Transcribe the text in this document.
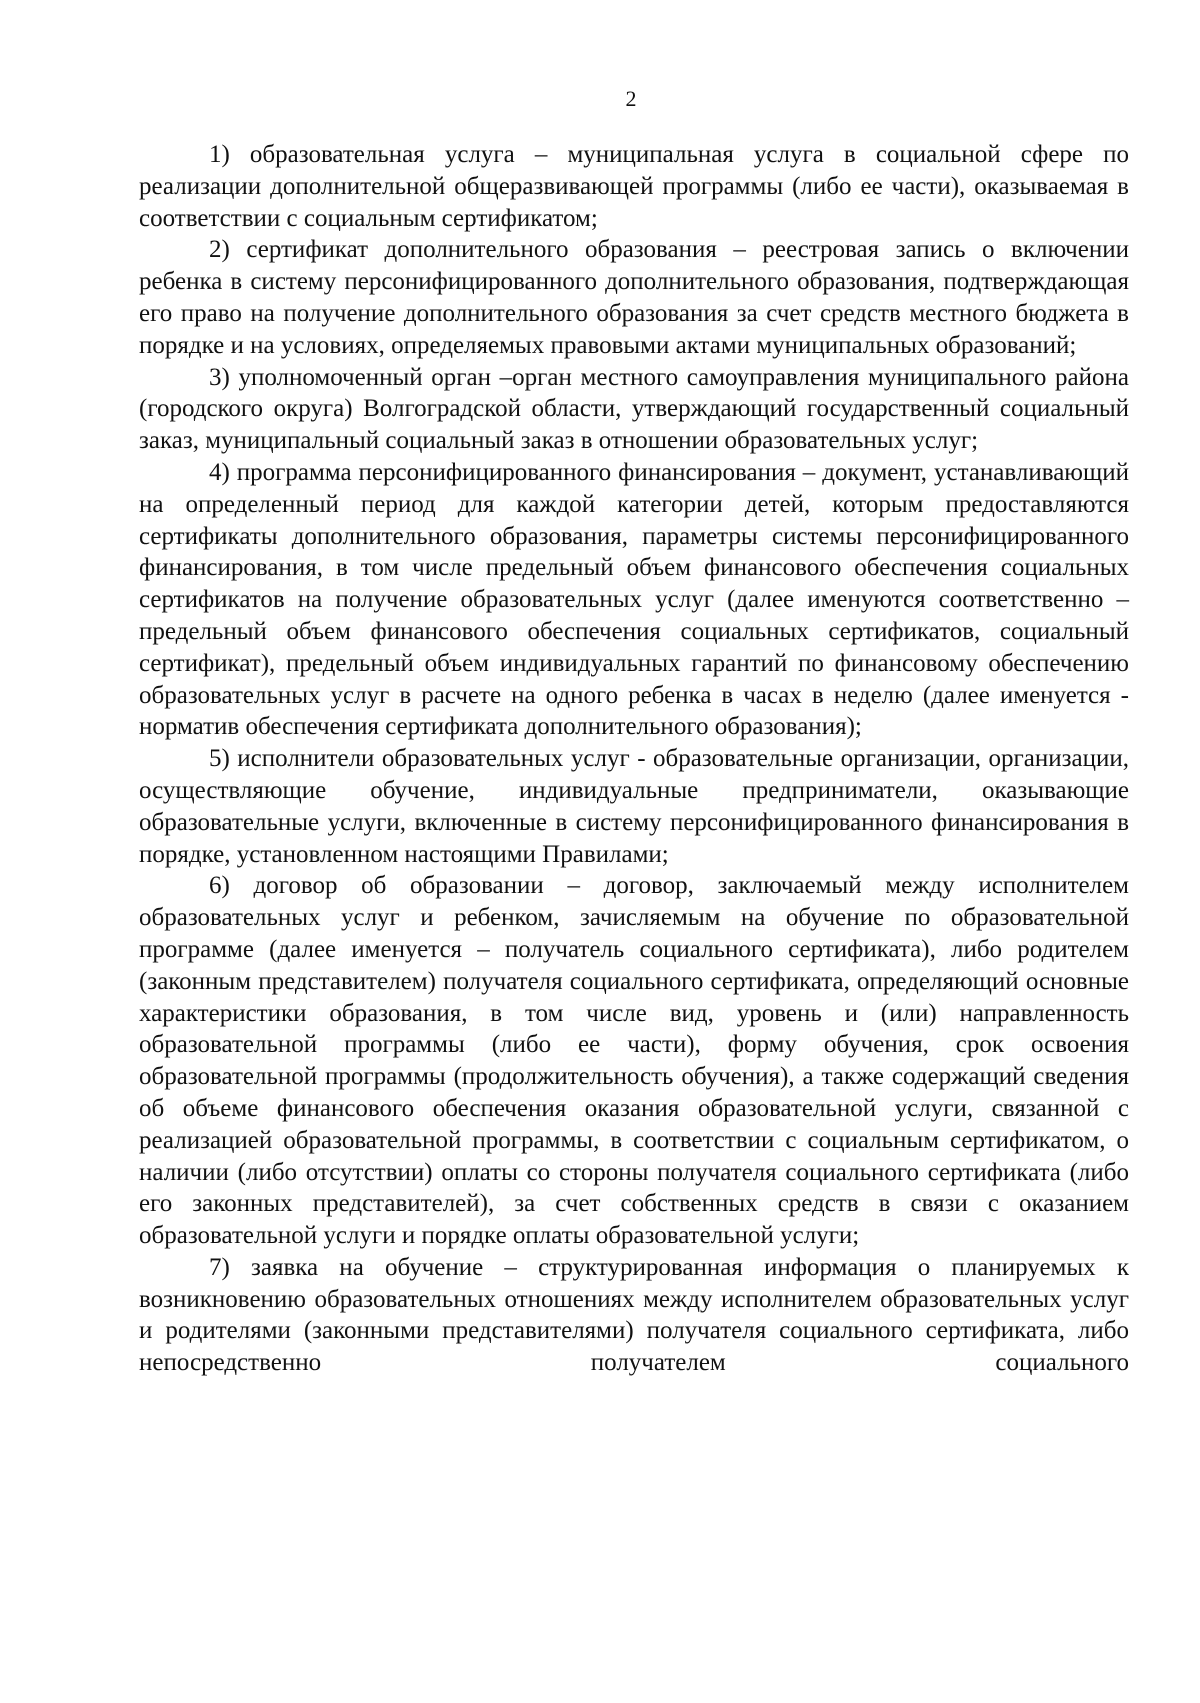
2

1) образовательная услуга – муниципальная услуга в социальной сфере по реализации дополнительной общеразвивающей программы (либо ее части), оказываемая в соответствии с социальным сертификатом;

2) сертификат дополнительного образования – реестровая запись о включении ребенка в систему персонифицированного дополнительного образования, подтверждающая его право на получение дополнительного образования за счет средств местного бюджета в порядке и на условиях, определяемых правовыми актами муниципальных образований;

3) уполномоченный орган –орган местного самоуправления муниципального района (городского округа) Волгоградской области, утверждающий государственный социальный заказ, муниципальный социальный заказ в отношении образовательных услуг;

4) программа персонифицированного финансирования – документ, устанавливающий на определенный период для каждой категории детей, которым предоставляются сертификаты дополнительного образования, параметры системы персонифицированного финансирования, в том числе предельный объем финансового обеспечения социальных сертификатов на получение образовательных услуг (далее именуются соответственно – предельный объем финансового обеспечения социальных сертификатов, социальный сертификат), предельный объем индивидуальных гарантий по финансовому обеспечению образовательных услуг в расчете на одного ребенка в часах в неделю (далее именуется - норматив обеспечения сертификата дополнительного образования);

5) исполнители образовательных услуг - образовательные организации, организации, осуществляющие обучение, индивидуальные предприниматели, оказывающие образовательные услуги, включенные в систему персонифицированного финансирования в порядке, установленном настоящими Правилами;

6) договор об образовании – договор, заключаемый между исполнителем образовательных услуг и ребенком, зачисляемым на обучение по образовательной программе (далее именуется – получатель социального сертификата), либо родителем (законным представителем) получателя социального сертификата, определяющий основные характеристики образования, в том числе вид, уровень и (или) направленность образовательной программы (либо ее части), форму обучения, срок освоения образовательной программы (продолжительность обучения), а также содержащий сведения об объеме финансового обеспечения оказания образовательной услуги, связанной с реализацией образовательной программы, в соответствии с социальным сертификатом, о наличии (либо отсутствии) оплаты со стороны получателя социального сертификата (либо его законных представителей), за счет собственных средств в связи с оказанием образовательной услуги и порядке оплаты образовательной услуги;

7) заявка на обучение – структурированная информация о планируемых к возникновению образовательных отношениях между исполнителем образовательных услуг и родителями (законными представителями) получателя социального сертификата, либо непосредственно получателем социального
